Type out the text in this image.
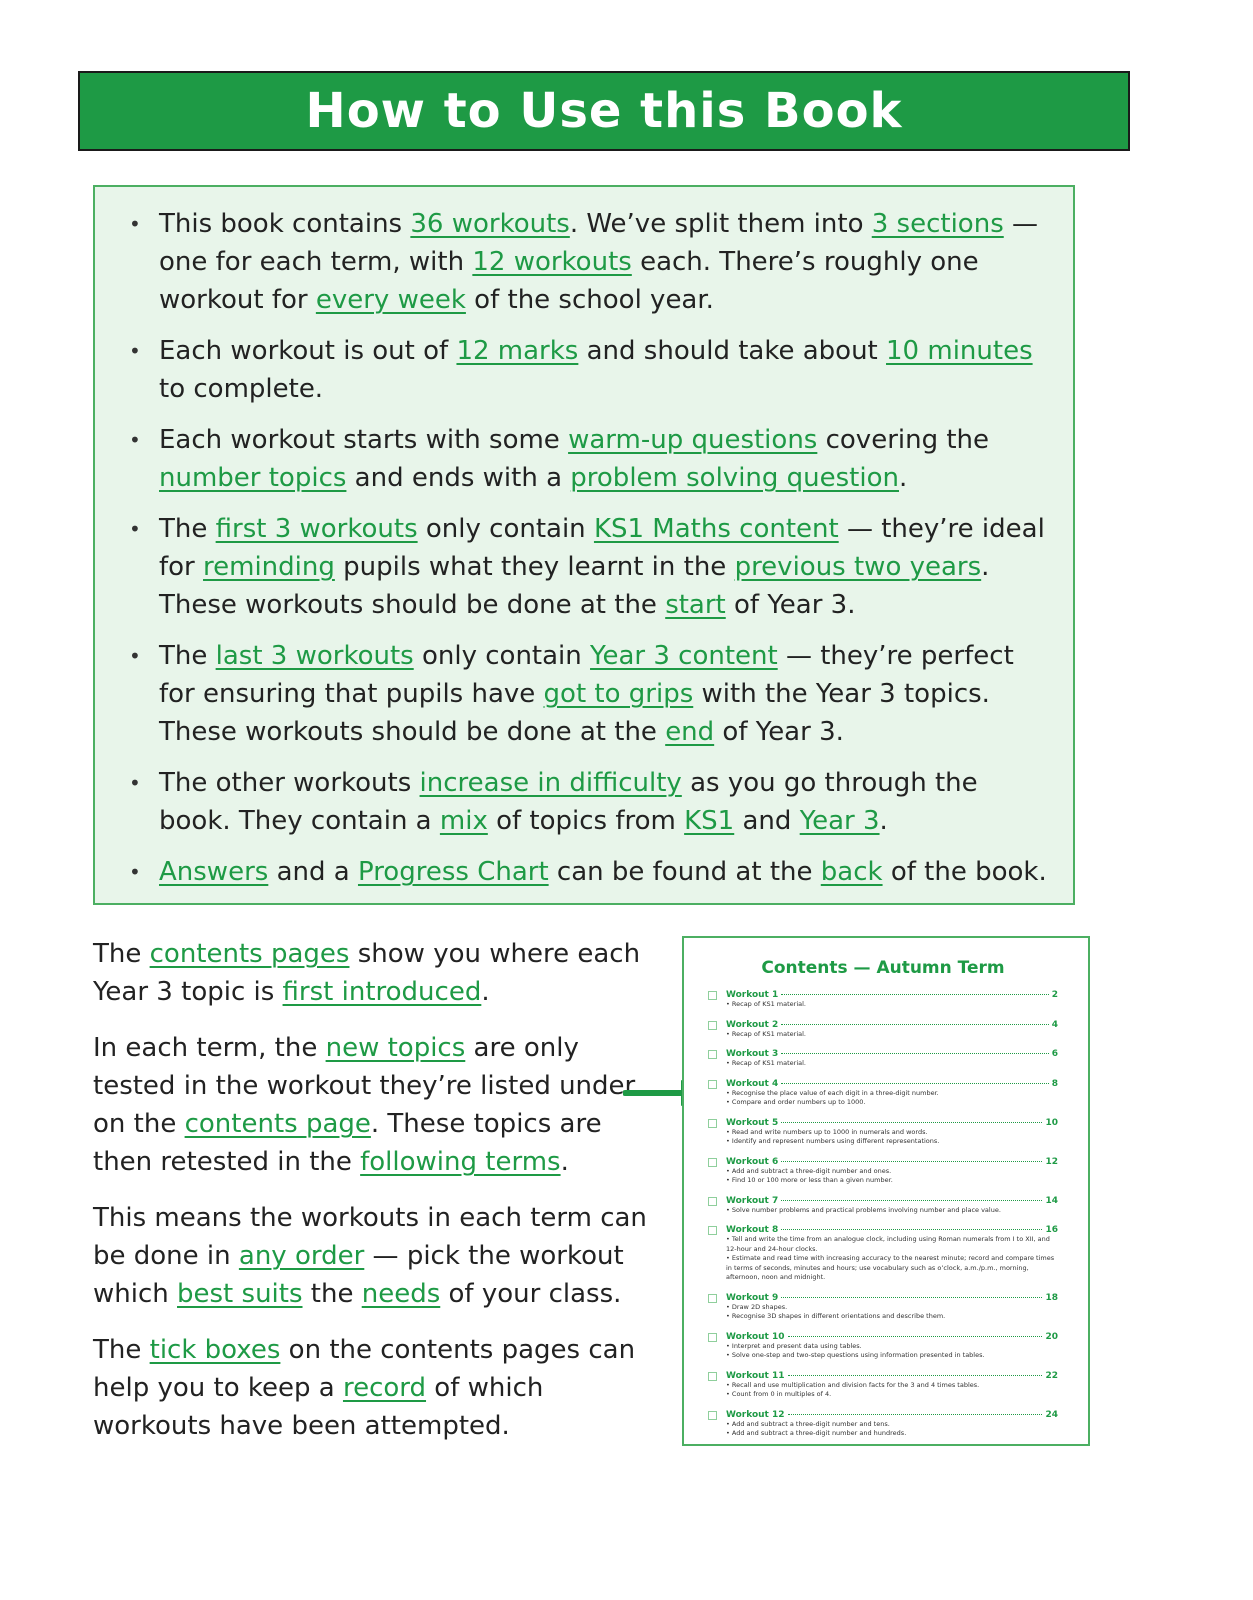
How to Use this Book
• This book contains 36 workouts. We’ve split them into 3 sections — one for each term, with 12 workouts each. There’s roughly one workout for every week of the school year.
• Each workout is out of 12 marks and should take about 10 minutes to complete.
• Each workout starts with some warm-up questions covering the number topics and ends with a problem solving question.
• The first 3 workouts only contain KS1 Maths content — they’re ideal for reminding pupils what they learnt in the previous two years. These workouts should be done at the start of Year 3.
• The last 3 workouts only contain Year 3 content — they’re perfect for ensuring that pupils have got to grips with the Year 3 topics. These workouts should be done at the end of Year 3.
• The other workouts increase in difficulty as you go through the book. They contain a mix of topics from KS1 and Year 3.
• Answers and a Progress Chart can be found at the back of the book.

The contents pages show you where each Year 3 topic is first introduced.

In each term, the new topics are only tested in the workout they’re listed under on the contents page. These topics are then retested in the following terms.

This means the workouts in each term can be done in any order — pick the workout which best suits the needs of your class.

The tick boxes on the contents pages can help you to keep a record of which workouts have been attempted.

Contents — Autumn Term
Workout 1	2
• Recap of KS1 material.
Workout 2	4
• Recap of KS1 material.
Workout 3	6
• Recap of KS1 material.
Workout 4	8
• Recognise the place value of each digit in a three-digit number.
• Compare and order numbers up to 1000.
Workout 5	10
• Read and write numbers up to 1000 in numerals and words.
• Identify and represent numbers using different representations.
Workout 6	12
• Add and subtract a three-digit number and ones.
• Find 10 or 100 more or less than a given number.
Workout 7	14
• Solve number problems and practical problems involving number and place value.
Workout 8	16
• Tell and write the time from an analogue clock, including using Roman numerals from I to XII, and 12-hour and 24-hour clocks.
• Estimate and read time with increasing accuracy to the nearest minute; record and compare times in terms of seconds, minutes and hours; use vocabulary such as o’clock, a.m./p.m., morning, afternoon, noon and midnight.
Workout 9	18
• Draw 2D shapes.
• Recognise 3D shapes in different orientations and describe them.
Workout 10	20
• Interpret and present data using tables.
• Solve one-step and two-step questions using information presented in tables.
Workout 11	22
• Recall and use multiplication and division facts for the 3 and 4 times tables.
• Count from 0 in multiples of 4.
Workout 12	24
• Add and subtract a three-digit number and tens.
• Add and subtract a three-digit number and hundreds.
